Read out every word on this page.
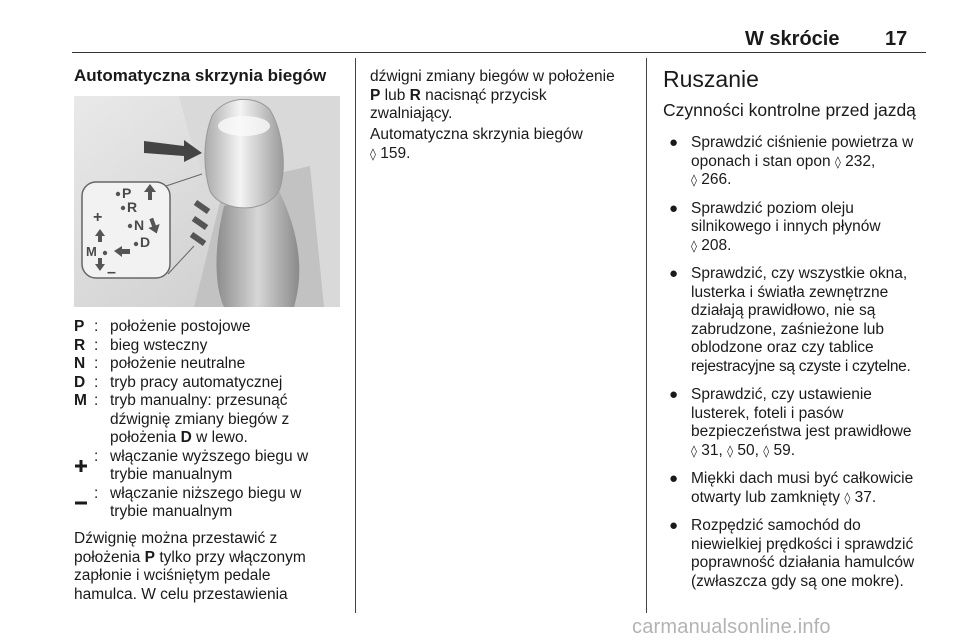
W skrócie 17
Automatyczna skrzynia biegów
P
R
N
D
M
+
–
P : położenie postojowe
R : bieg wsteczny
N : położenie neutralne
D : tryb pracy automatycznej
M : tryb manualny: przesunąć
dźwignię zmiany biegów z
położenia D w lewo.
: włączanie wyższego biegu w
trybie manualnym
: włączanie niższego biegu w
trybie manualnym
Dźwignię można przestawić z
położenia P tylko przy włączonym
zapłonie i wciśniętym pedale
hamulca. W celu przestawienia
dźwigni zmiany biegów w położenie
P lub R nacisnąć przycisk
zwalniający.
Automatyczna skrzynia biegów
◊ 159.
Ruszanie
Czynności kontrolne przed jazdą
● Sprawdzić ciśnienie powietrza w
oponach i stan opon ◊ 232,
◊ 266.
● Sprawdzić poziom oleju
silnikowego i innych płynów
◊ 208.
● Sprawdzić, czy wszystkie okna,
lusterka i światła zewnętrzne
działają prawidłowo, nie są
zabrudzone, zaśnieżone lub
oblodzone oraz czy tablice
rejestracyjne są czyste i czytelne.
● Sprawdzić, czy ustawienie
lusterek, foteli i pasów
bezpieczeństwa jest prawidłowe
◊ 31, ◊ 50, ◊ 59.
● Miękki dach musi być całkowicie
otwarty lub zamknięty ◊ 37.
● Rozpędzić samochód do
niewielkiej prędkości i sprawdzić
poprawność działania hamulców
(zwłaszcza gdy są one mokre).
carmanualsonline.info
